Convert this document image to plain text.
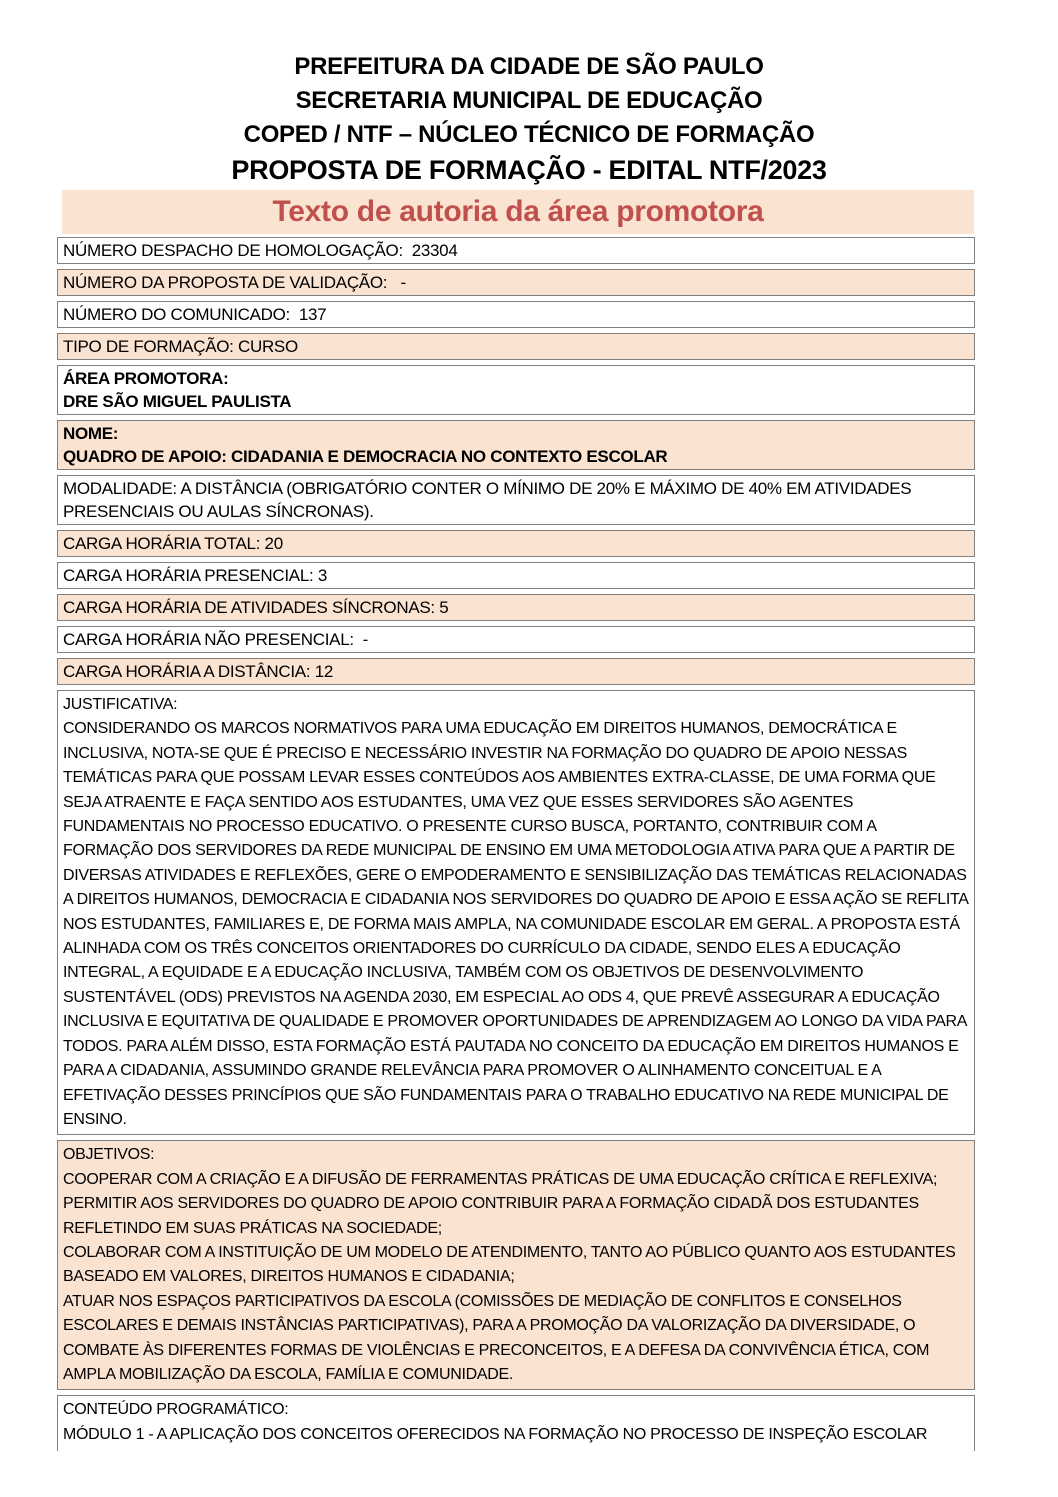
PREFEITURA DA CIDADE DE SÃO PAULO
SECRETARIA MUNICIPAL DE EDUCAÇÃO
COPED / NTF – NÚCLEO TÉCNICO DE FORMAÇÃO
PROPOSTA DE FORMAÇÃO - EDITAL NTF/2023
Texto de autoria da área promotora
NÚMERO DESPACHO DE HOMOLOGAÇÃO:  23304
NÚMERO DA PROPOSTA DE VALIDAÇÃO:   -
NÚMERO DO COMUNICADO:  137
TIPO DE FORMAÇÃO: CURSO
ÁREA PROMOTORA:
DRE SÃO MIGUEL PAULISTA
NOME:
QUADRO DE APOIO: CIDADANIA E DEMOCRACIA NO CONTEXTO ESCOLAR
MODALIDADE: A DISTÂNCIA (OBRIGATÓRIO CONTER O MÍNIMO DE 20% E MÁXIMO DE 40% EM ATIVIDADES PRESENCIAIS OU AULAS SÍNCRONAS).
CARGA HORÁRIA TOTAL: 20
CARGA HORÁRIA PRESENCIAL: 3
CARGA HORÁRIA DE ATIVIDADES SÍNCRONAS: 5
CARGA HORÁRIA NÃO PRESENCIAL:  -
CARGA HORÁRIA A DISTÂNCIA: 12
JUSTIFICATIVA:
CONSIDERANDO OS MARCOS NORMATIVOS PARA UMA EDUCAÇÃO EM DIREITOS HUMANOS, DEMOCRÁTICA E INCLUSIVA, NOTA-SE QUE É PRECISO E NECESSÁRIO INVESTIR NA FORMAÇÃO DO QUADRO DE APOIO NESSAS TEMÁTICAS PARA QUE POSSAM LEVAR ESSES CONTEÚDOS AOS AMBIENTES EXTRA-CLASSE, DE UMA FORMA QUE SEJA ATRAENTE E FAÇA SENTIDO AOS ESTUDANTES, UMA VEZ QUE ESSES SERVIDORES SÃO AGENTES FUNDAMENTAIS NO PROCESSO EDUCATIVO. O PRESENTE CURSO BUSCA, PORTANTO, CONTRIBUIR COM A FORMAÇÃO DOS SERVIDORES DA REDE MUNICIPAL DE ENSINO EM UMA METODOLOGIA ATIVA PARA QUE A PARTIR DE DIVERSAS ATIVIDADES E REFLEXÕES, GERE O EMPODERAMENTO E SENSIBILIZAÇÃO DAS TEMÁTICAS RELACIONADAS A DIREITOS HUMANOS, DEMOCRACIA E CIDADANIA NOS SERVIDORES DO QUADRO DE APOIO E ESSA AÇÃO SE REFLITA NOS ESTUDANTES, FAMILIARES E, DE FORMA MAIS AMPLA, NA COMUNIDADE ESCOLAR EM GERAL. A PROPOSTA ESTÁ ALINHADA COM OS TRÊS CONCEITOS ORIENTADORES DO CURRÍCULO DA CIDADE, SENDO ELES A EDUCAÇÃO INTEGRAL, A EQUIDADE E A EDUCAÇÃO INCLUSIVA, TAMBÉM COM OS OBJETIVOS DE DESENVOLVIMENTO SUSTENTÁVEL (ODS) PREVISTOS NA AGENDA 2030, EM ESPECIAL AO ODS 4, QUE PREVÊ ASSEGURAR A EDUCAÇÃO INCLUSIVA E EQUITATIVA DE QUALIDADE E PROMOVER OPORTUNIDADES DE APRENDIZAGEM AO LONGO DA VIDA PARA TODOS. PARA ALÉM DISSO, ESTA FORMAÇÃO ESTÁ PAUTADA NO CONCEITO DA EDUCAÇÃO EM DIREITOS HUMANOS E PARA A CIDADANIA, ASSUMINDO GRANDE RELEVÂNCIA PARA PROMOVER O ALINHAMENTO CONCEITUAL E A EFETIVAÇÃO DESSES PRINCÍPIOS QUE SÃO FUNDAMENTAIS PARA O TRABALHO EDUCATIVO NA REDE MUNICIPAL DE ENSINO.
OBJETIVOS:
COOPERAR COM A CRIAÇÃO E A DIFUSÃO DE FERRAMENTAS PRÁTICAS DE UMA EDUCAÇÃO CRÍTICA E REFLEXIVA;
PERMITIR AOS SERVIDORES DO QUADRO DE APOIO CONTRIBUIR PARA A FORMAÇÃO CIDADÃ DOS ESTUDANTES REFLETINDO EM SUAS PRÁTICAS NA SOCIEDADE;
COLABORAR COM A INSTITUIÇÃO DE UM MODELO DE ATENDIMENTO, TANTO AO PÚBLICO QUANTO AOS ESTUDANTES BASEADO EM VALORES, DIREITOS HUMANOS E CIDADANIA;
ATUAR NOS ESPAÇOS PARTICIPATIVOS DA ESCOLA (COMISSÕES DE MEDIAÇÃO DE CONFLITOS E CONSELHOS ESCOLARES E DEMAIS INSTÂNCIAS PARTICIPATIVAS), PARA A PROMOÇÃO DA VALORIZAÇÃO DA DIVERSIDADE, O COMBATE ÀS DIFERENTES FORMAS DE VIOLÊNCIAS E PRECONCEITOS, E A DEFESA DA CONVIVÊNCIA ÉTICA, COM AMPLA MOBILIZAÇÃO DA ESCOLA, FAMÍLIA E COMUNIDADE.
CONTEÚDO PROGRAMÁTICO:
MÓDULO 1 - A APLICAÇÃO DOS CONCEITOS OFERECIDOS NA FORMAÇÃO NO PROCESSO DE INSPEÇÃO ESCOLAR
